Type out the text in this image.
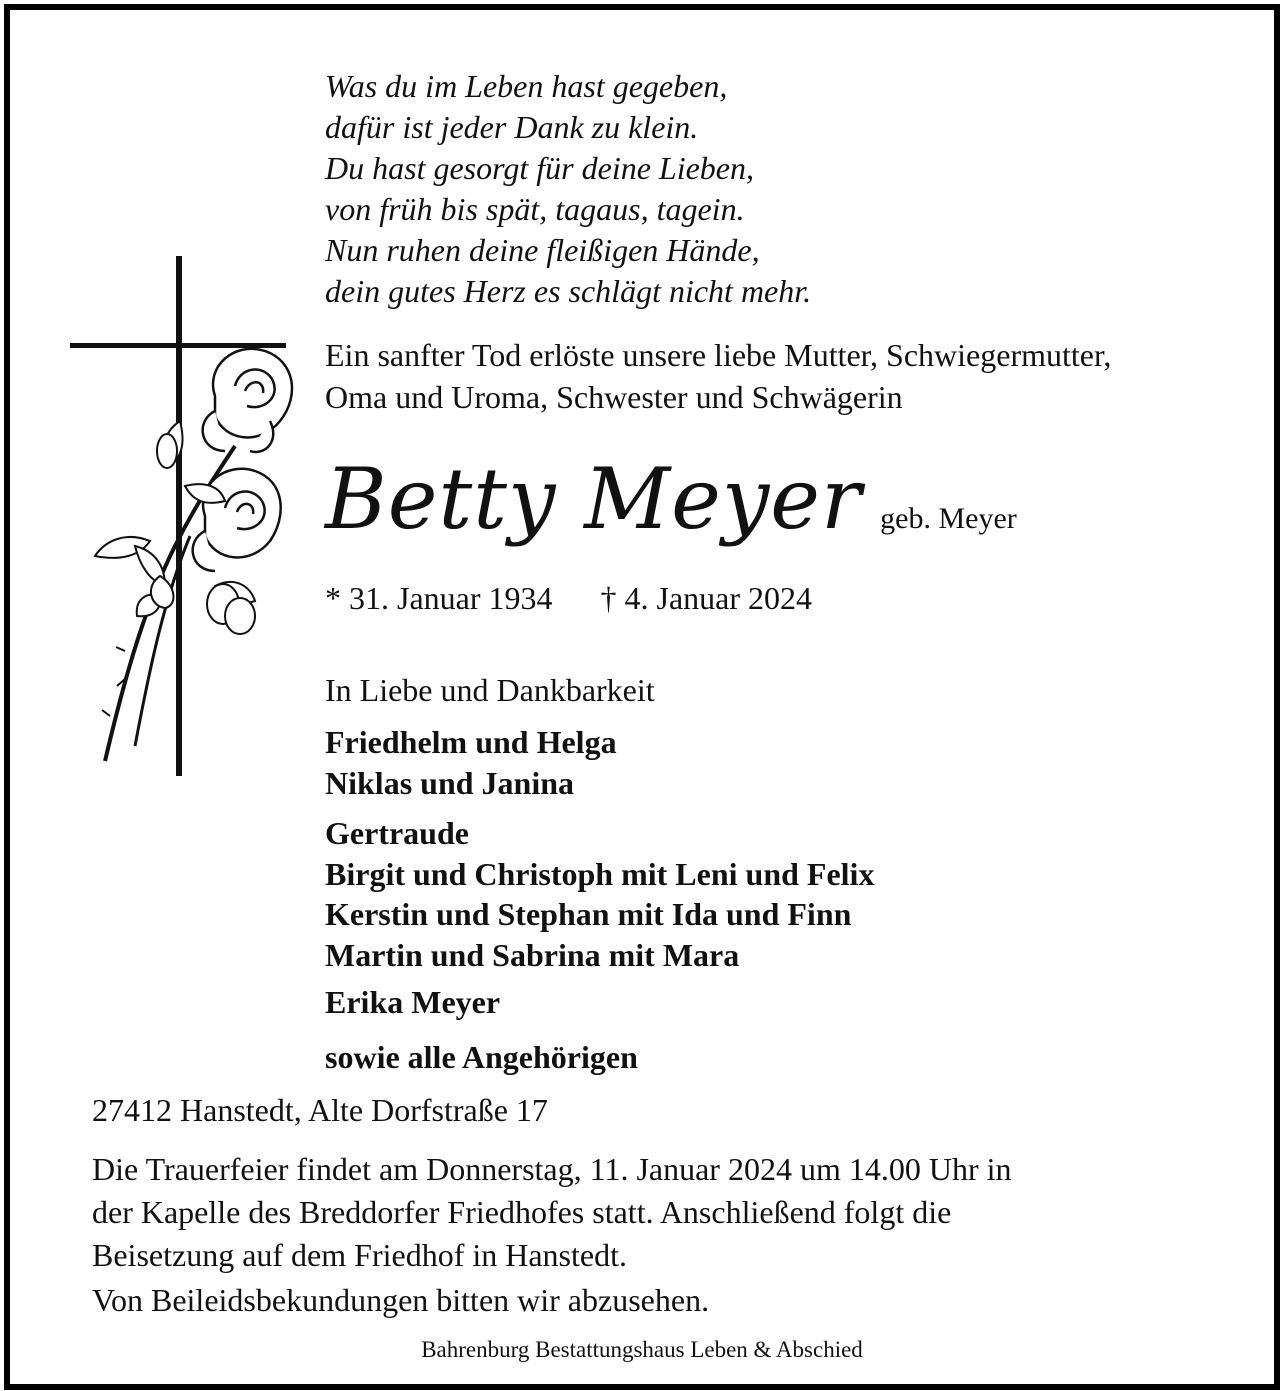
Was du im Leben hast gegeben,
dafür ist jeder Dank zu klein.
Du hast gesorgt für deine Lieben,
von früh bis spät, tagaus, tagein.
Nun ruhen deine fleißigen Hände,
dein gutes Herz es schlägt nicht mehr.
Ein sanfter Tod erlöste unsere liebe Mutter, Schwiegermutter,
Oma und Uroma, Schwester und Schwägerin
Betty Meyer geb. Meyer
* 31. Januar 1934 † 4. Januar 2024
In Liebe und Dankbarkeit
Friedhelm und Helga
Niklas und Janina
Gertraude
Birgit und Christoph mit Leni und Felix
Kerstin und Stephan mit Ida und Finn
Martin und Sabrina mit Mara
Erika Meyer
sowie alle Angehörigen
27412 Hanstedt, Alte Dorfstraße 17
Die Trauerfeier findet am Donnerstag, 11. Januar 2024 um 14.00 Uhr in
der Kapelle des Breddorfer Friedhofes statt. Anschließend folgt die
Beisetzung auf dem Friedhof in Hanstedt.
Von Beileidsbekundungen bitten wir abzusehen.
Bahrenburg Bestattungshaus Leben & Abschied
